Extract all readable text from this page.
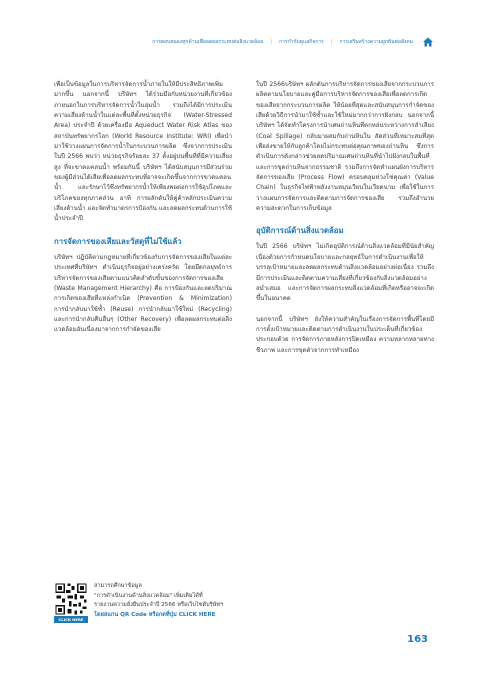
การตอบสนองทุกด้านเพื่อลดผลกระทบต่อสิ่งแวดล้อม | การกำกับดูแลกิจการ | การเสริมสร้างความผูกพันต่อสังคม

เพื่อเป็นข้อมูลในการบริหารจัดการน้ำภายในให้มีประสิทธิภาพเพิ่มมากขึ้น นอกจากนี้ บริษัทฯ ได้ร่วมมือกับหน่วยงานที่เกี่ยวข้องภายนอกในการบริหารจัดการน้ำในลุ่มน้ำ รวมถึงได้มีการประเมินความเสี่ยงด้านน้ำในแต่ละพื้นที่ตั้งหน่วยธุรกิจ (Water-Stressed Area) ประจำปี ด้วยเครื่องมือ Aqueduct Water Risk Atlas ของสถาบันทรัพยากรโลก (World Resource Institute: WRI) เพื่อนำมาใช้วางแผนการจัดการน้ำในกระบวนการผลิต ซึ่งจากการประเมินในปี 2566 พบว่า หน่วยธุรกิจร้อยละ 37 ตั้งอยู่บนพื้นที่ที่มีความเสี่ยงสูง ที่จะขาดแคลนน้ำ พร้อมกันนี้ บริษัทฯ ได้สนับสนุนการมีส่วนร่วมของผู้มีส่วนได้เสียเพื่อลดผลกระทบที่อาจจะเกิดขึ้นจากการขาดแคลนน้ำ และรักษาไว้ซึ่งทรัพยากรน้ำให้เพียงพอต่อการใช้อุปโภคและบริโภคของทุกภาคส่วน อาทิ การผลักดันให้คู่ค้าหลักประเมินความเสี่ยงด้านน้ำ และจัดทำมาตรการป้องกัน และลดผลกระทบด้านการใช้น้ำประจำปี

การจัดการของเสียและวัสดุที่ไม่ใช้แล้ว

บริษัทฯ ปฏิบัติตามกฎหมายที่เกี่ยวข้องกับการจัดการของเสียในแต่ละประเทศที่บริษัทฯ ดำเนินธุรกิจอยู่อย่างเคร่งครัด โดยยึดกลยุทธ์การบริหารจัดการของเสียตามแนวคิดลำดับขั้นของการจัดการของเสีย (Waste Management Hierarchy) คือ การป้องกันและลดปริมาณการเกิดของเสียที่แหล่งกำเนิด (Prevention & Minimization) การนำกลับมาใช้ซ้ำ (Reuse) การนำกลับมาใช้ใหม่ (Recycling) และการนำกลับคืนอื่นๆ (Other Recovery) เพื่อลดผลกระทบต่อสิ่งแวดล้อมอันเนื่องมาจากการกำจัดของเสีย

ในปี 2566บริษัทฯ ผลักดันการบริหารจัดการของเสียจากกระบวนการผลิตตามนโยบายและคู่มือการบริหารจัดการของเสียเพื่อลดการเกิดของเสียจากกระบวนการผลิต ให้น้อยที่สุดและสนับสนุนการกำจัดของเสียด้วยวิธีการนำมาใช้ซ้ำและใช้ใหม่มากกว่าการฝังกลบ นอกจากนี้ บริษัทฯ ได้จัดทำโครงการนำเศษถ่านหินที่ตกหล่นระหว่างการลำเลียง (Coal Spillage) กลับมาผสมกับถ่านหินใน สัดส่วนที่เหมาะสมที่สุด เพื่อส่งขายให้กับลูกค้าโดยไม่กระทบต่อคุณภาพของถ่านหิน ซึ่งการดำเนินการดังกล่าวช่วยลดปริมาณเศษถ่านหินที่นำไปฝังกลบในพื้นที่ และการขุดถ่านหินจากธรรมชาติ รวมถึงการจัดทำแผนผังการบริหารจัดการของเสีย (Process Flow) ครอบคลุมห่วงโซ่คุณค่า (Value Chain) ในธุรกิจไฟฟ้าพลังงานหมุนเวียนในเวียดนาม เพื่อใช้ในการวางแผนการจัดการและติดตามการจัดการของเสีย รวมถึงอำนวยความสะดวกในการเก็บข้อมูล

อุบัติการณ์ด้านสิ่งแวดล้อม

ในปี 2566 บริษัทฯ ไม่เกิดอุบัติการณ์ด้านสิ่งแวดล้อมที่มีนัยสำคัญเนื่องด้วยการกำหนดนโยบายและกลยุทธ์ในการดำเนินงานเพื่อให้บรรลุเป้าหมายและลดผลกระทบด้านสิ่งแวดล้อมอย่างต่อเนื่อง รวมถึงมีการประเมินและติดตามความเสี่ยงที่เกี่ยวข้องกับสิ่งแวดล้อมอย่างสม่ำเสมอ และการจัดการผลกระทบสิ่งแวดล้อมที่เกิดหรืออาจจะเกิดขึ้นในอนาคต

นอกจากนี้ บริษัทฯ ยังให้ความสำคัญในเรื่องการจัดการพื้นที่โดยมีการตั้งเป้าหมายและติดตามการดำเนินงานในประเด็นที่เกี่ยวข้อง ประกอบด้วย การจัดการภายหลังการปิดเหมือง ความหลากหลายทางชีวภาพ และการขุดตัวจากการทำเหมือง

CLICK HERE
สามารถศึกษาข้อมูล
"การดำเนินงานด้านสิ่งแวดล้อม" เพิ่มเติมได้ที่
รายงานความยั่งยืนประจำปี 2566 หรือเว็บไซต์บริษัทฯ
โดยสแกน QR Code หรือกดที่ปุ่ม CLICK HERE
163
